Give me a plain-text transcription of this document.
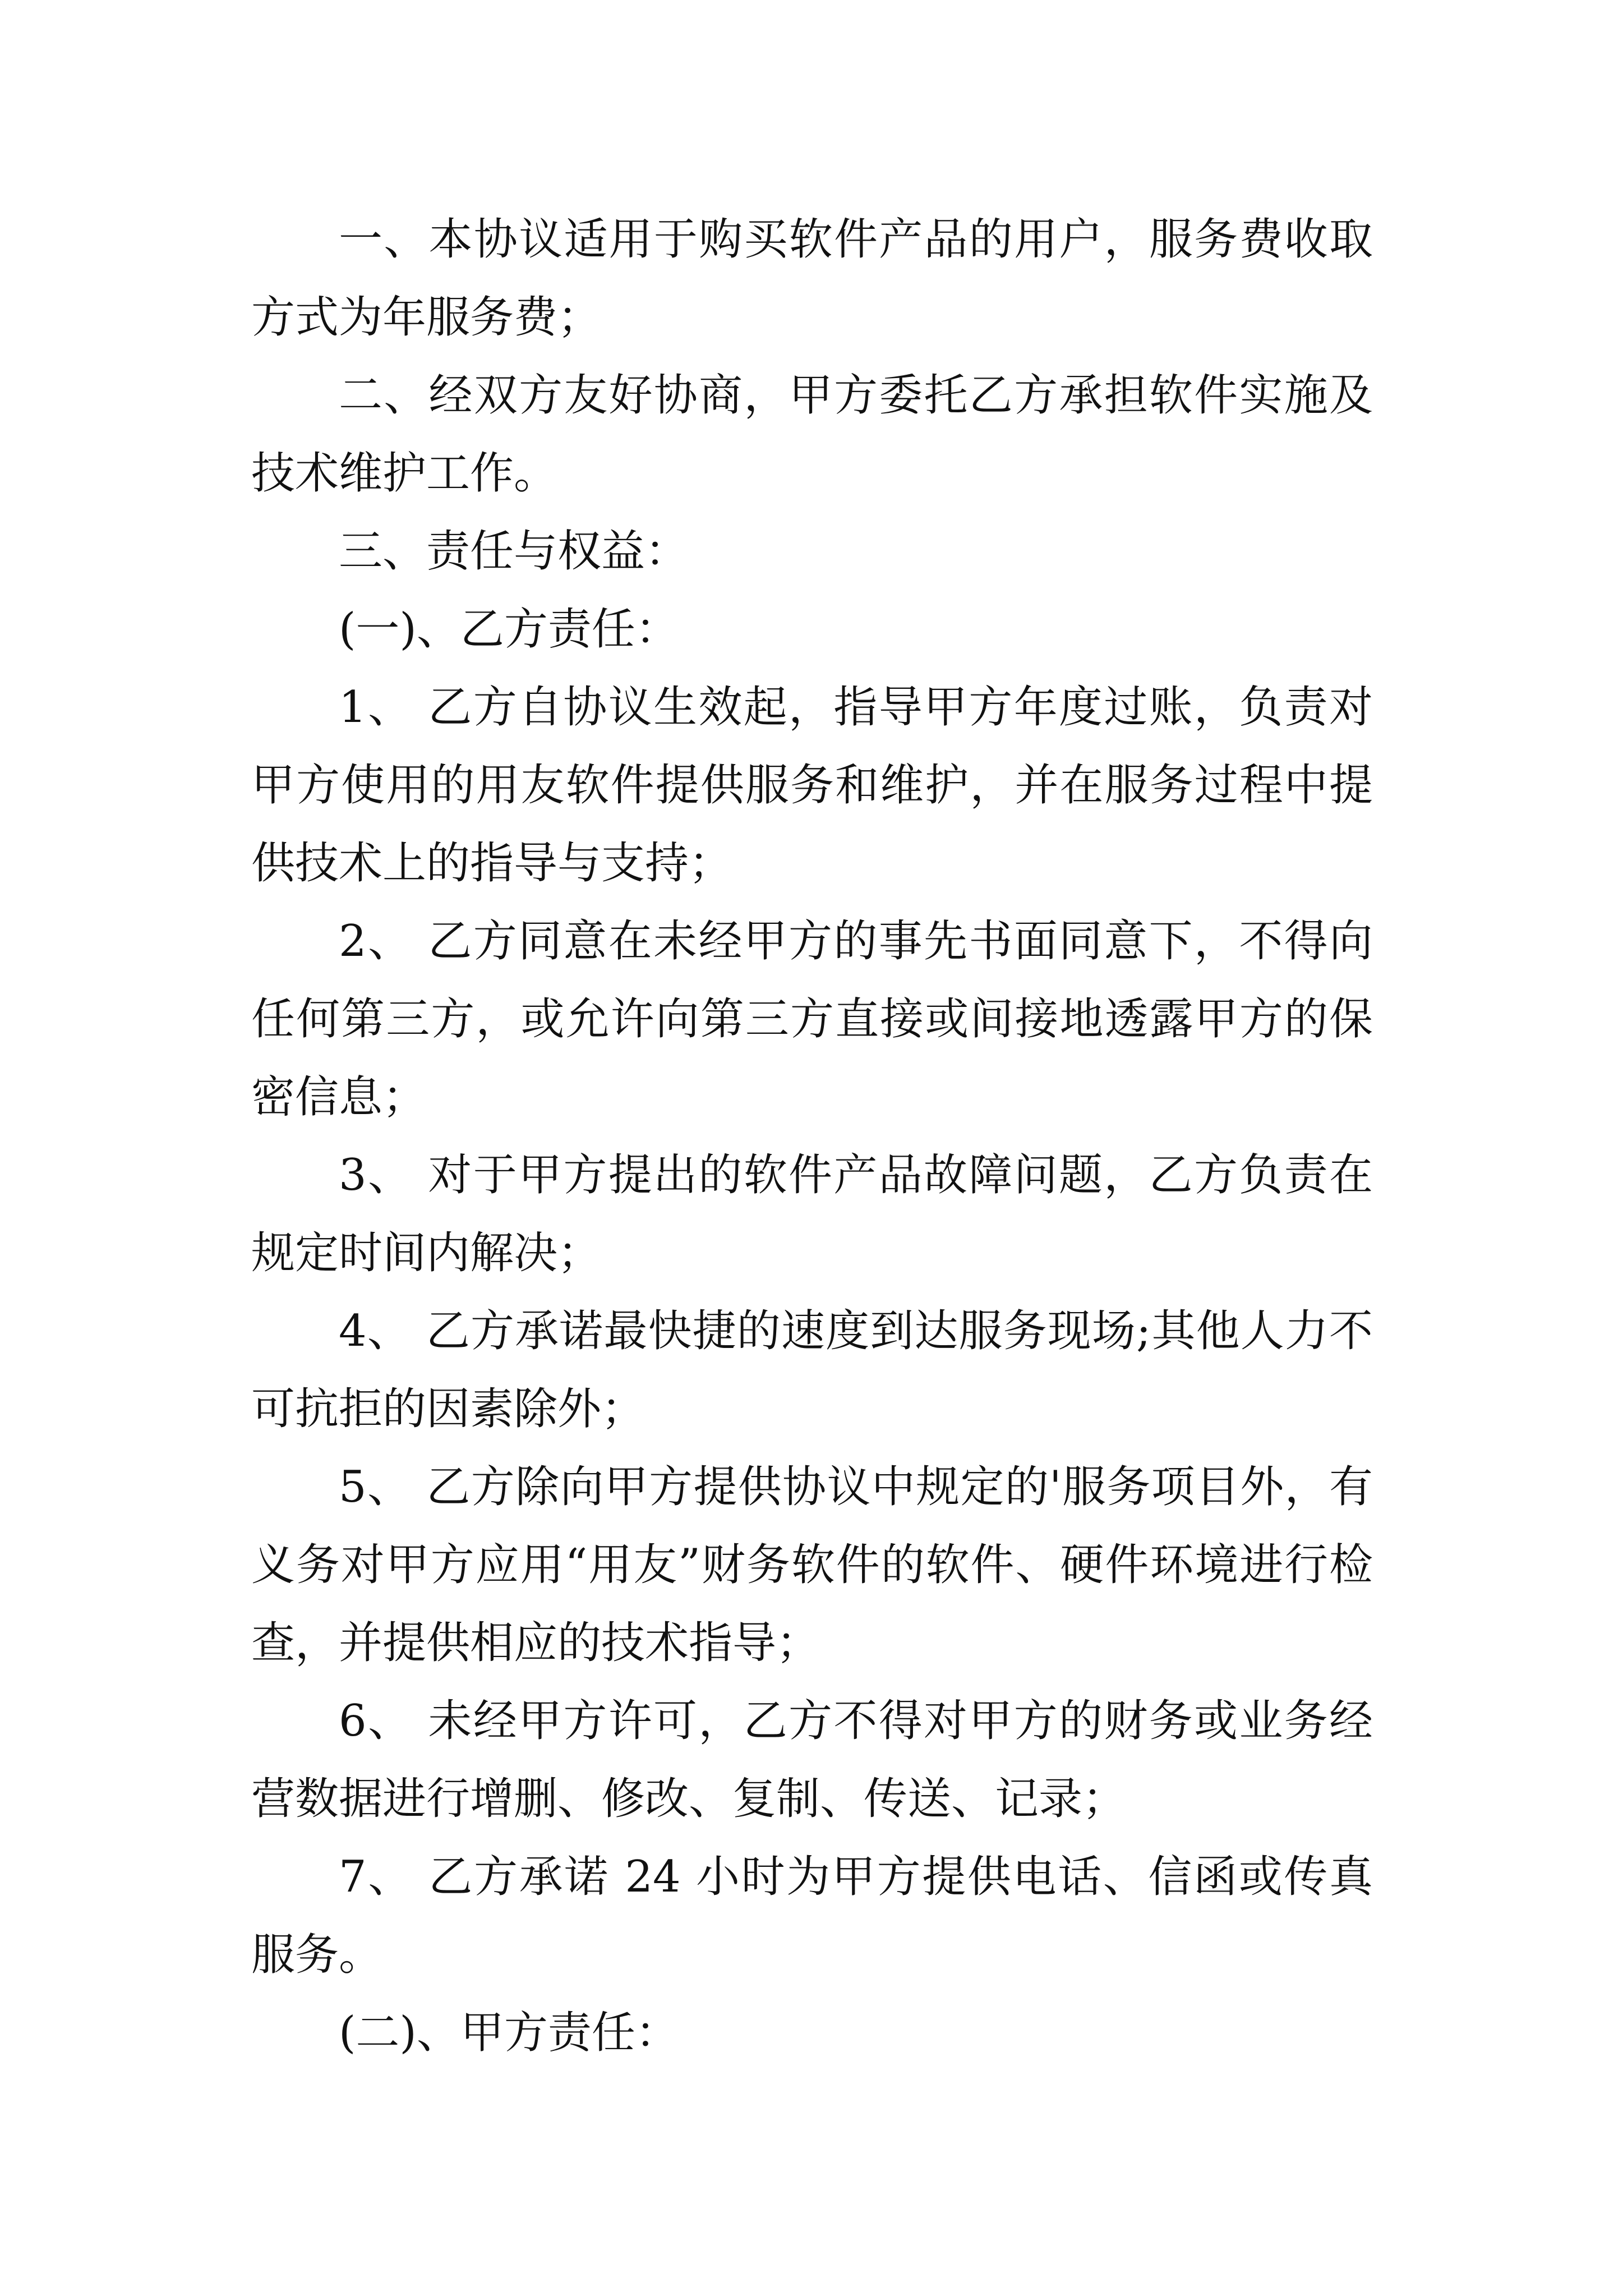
一、本协议适用于购买软件产品的用户，服务费收取方式为年服务费；

二、经双方友好协商，甲方委托乙方承担软件实施及技术维护工作。

三、责任与权益：

(一)、乙方责任：

1、 乙方自协议生效起，指导甲方年度过账，负责对甲方使用的用友软件提供服务和维护，并在服务过程中提供技术上的指导与支持；

2、 乙方同意在未经甲方的事先书面同意下，不得向任何第三方，或允许向第三方直接或间接地透露甲方的保密信息；

3、 对于甲方提出的软件产品故障问题，乙方负责在规定时间内解决；

4、 乙方承诺最快捷的速度到达服务现场;其他人力不可抗拒的因素除外；

5、 乙方除向甲方提供协议中规定的'服务项目外，有义务对甲方应用“用友”财务软件的软件、硬件环境进行检查，并提供相应的技术指导；

6、 未经甲方许可，乙方不得对甲方的财务或业务经营数据进行增删、修改、复制、传送、记录；

7、 乙方承诺 24 小时为甲方提供电话、信函或传真服务。

(二)、甲方责任：
